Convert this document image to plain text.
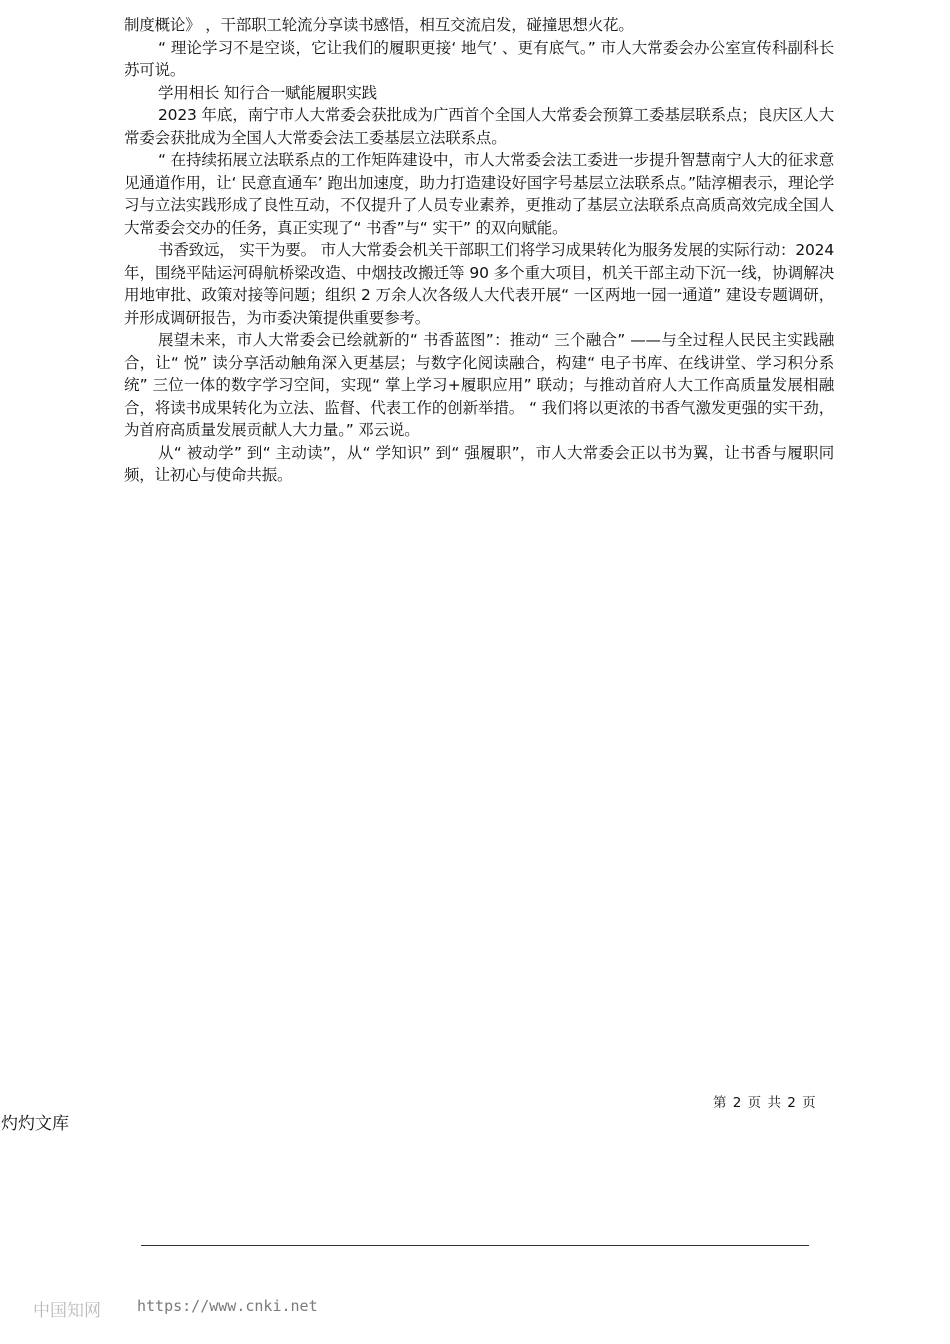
制度概论》 ，干部职工轮流分享读书感悟，相互交流启发，碰撞思想火花。

“ 理论学习不是空谈，它让我们的履职更接‘ 地气’ 、更有底气。” 市人大常委会办公室宣传科副科长苏可说。

学用相长 知行合一赋能履职实践

2023 年底，南宁市人大常委会获批成为广西首个全国人大常委会预算工委基层联系点；良庆区人大常委会获批成为全国人大常委会法工委基层立法联系点。

“ 在持续拓展立法联系点的工作矩阵建设中，市人大常委会法工委进一步提升智慧南宁人大的征求意见通道作用，让‘ 民意直通车’ 跑出加速度，助力打造建设好国字号基层立法联系点。”陆淳楣表示，理论学习与立法实践形成了良性互动，不仅提升了人员专业素养，更推动了基层立法联系点高质高效完成全国人大常委会交办的任务，真正实现了“ 书香”与“ 实干” 的双向赋能。

书香致远， 实干为要。 市人大常委会机关干部职工们将学习成果转化为服务发展的实际行动：2024 年，围绕平陆运河碍航桥梁改造、中烟技改搬迁等 90 多个重大项目，机关干部主动下沉一线，协调解决用地审批、政策对接等问题；组织 2 万余人次各级人大代表开展“ 一区两地一园一通道” 建设专题调研，并形成调研报告，为市委决策提供重要参考。

展望未来，市人大常委会已绘就新的“ 书香蓝图”：推动“ 三个融合” ——与全过程人民民主实践融合，让“ 悦” 读分享活动触角深入更基层；与数字化阅读融合，构建“ 电子书库、在线讲堂、学习积分系统” 三位一体的数字学习空间，实现“ 掌上学习+履职应用” 联动；与推动首府人大工作高质量发展相融合，将读书成果转化为立法、监督、代表工作的创新举措。 “ 我们将以更浓的书香气激发更强的实干劲，为首府高质量发展贡献人大力量。” 邓云说。

从“ 被动学” 到“ 主动读”，从“ 学知识” 到“ 强履职”，市人大常委会正以书为翼，让书香与履职同频，让初心与使命共振。

第 2 页 共 2 页
灼灼文库
中国知网 https://www.cnki.net
